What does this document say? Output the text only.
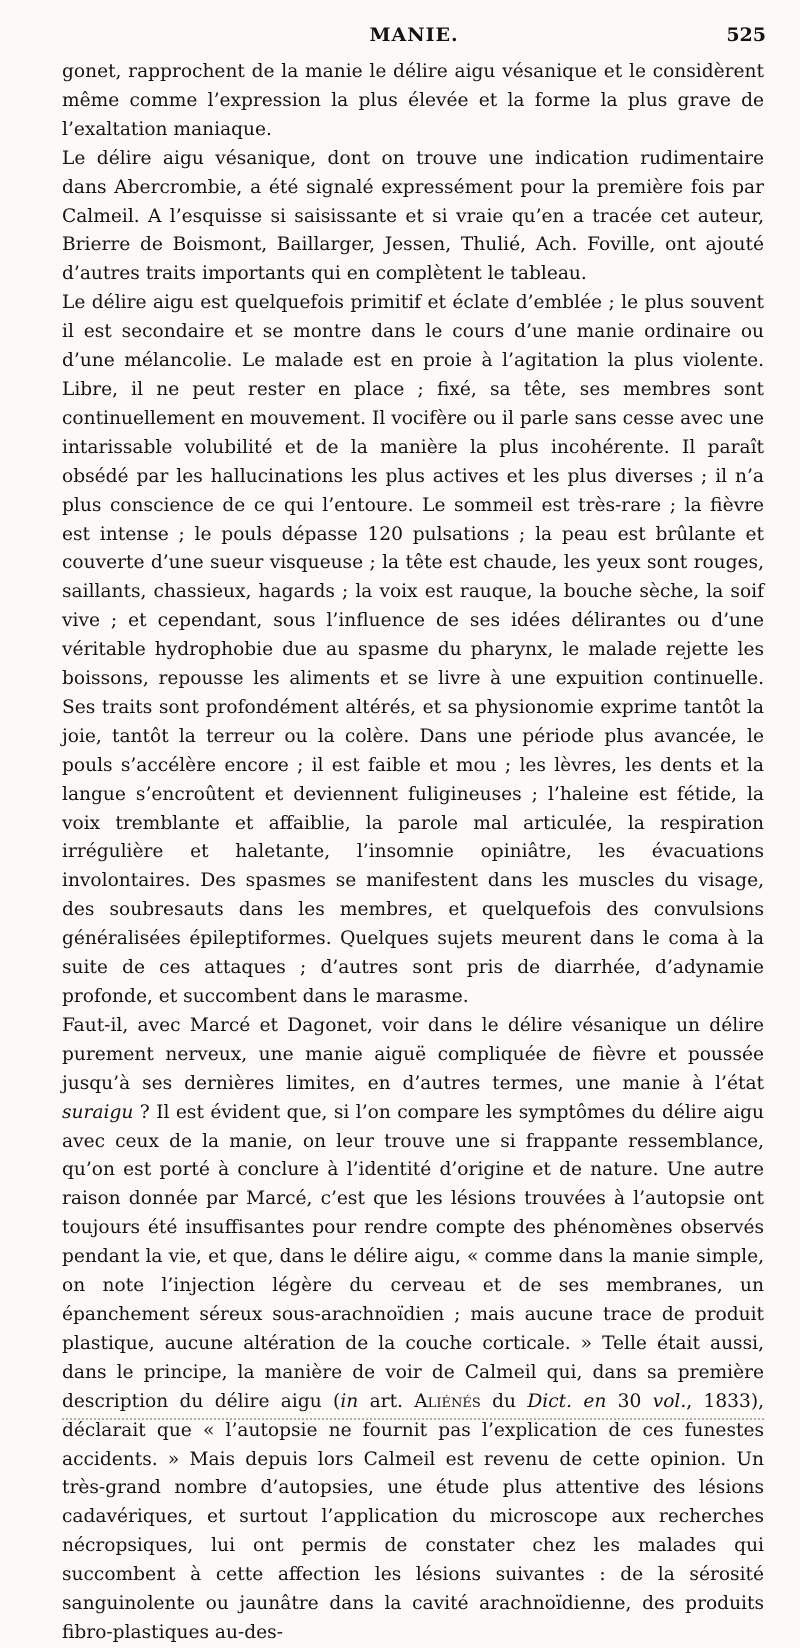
MANIE.	525

gonet, rapprochent de la manie le délire aigu vésanique et le considèrent même comme l’expression la plus élevée et la forme la plus grave de l’exaltation maniaque.

Le délire aigu vésanique, dont on trouve une indication rudimentaire dans Abercrombie, a été signalé expressément pour la première fois par Calmeil. A l’esquisse si saisissante et si vraie qu’en a tracée cet auteur, Brierre de Boismont, Baillarger, Jessen, Thulié, Ach. Foville, ont ajouté d’autres traits importants qui en complètent le tableau.

Le délire aigu est quelquefois primitif et éclate d’emblée ; le plus souvent il est secondaire et se montre dans le cours d’une manie ordinaire ou d’une mélancolie. Le malade est en proie à l’agitation la plus violente. Libre, il ne peut rester en place ; fixé, sa tête, ses membres sont continuellement en mouvement. Il vocifère ou il parle sans cesse avec une intarissable volubilité et de la manière la plus incohérente. Il paraît obsédé par les hallucinations les plus actives et les plus diverses ; il n’a plus conscience de ce qui l’entoure. Le sommeil est très-rare ; la fièvre est intense ; le pouls dépasse 120 pulsations ; la peau est brûlante et couverte d’une sueur visqueuse ; la tête est chaude, les yeux sont rouges, saillants, chassieux, hagards ; la voix est rauque, la bouche sèche, la soif vive ; et cependant, sous l’influence de ses idées délirantes ou d’une véritable hydrophobie due au spasme du pharynx, le malade rejette les boissons, repousse les aliments et se livre à une expuition continuelle. Ses traits sont profondément altérés, et sa physionomie exprime tantôt la joie, tantôt la terreur ou la colère. Dans une période plus avancée, le pouls s’accélère encore ; il est faible et mou ; les lèvres, les dents et la langue s’encroûtent et deviennent fuligineuses ; l’haleine est fétide, la voix tremblante et affaiblie, la parole mal articulée, la respiration irrégulière et haletante, l’insomnie opiniâtre, les évacuations involontaires. Des spasmes se manifestent dans les muscles du visage, des soubresauts dans les membres, et quelquefois des convulsions généralisées épileptiformes. Quelques sujets meurent dans le coma à la suite de ces attaques ; d’autres sont pris de diarrhée, d’adynamie profonde, et succombent dans le marasme.

Faut-il, avec Marcé et Dagonet, voir dans le délire vésanique un délire purement nerveux, une manie aiguë compliquée de fièvre et poussée jusqu’à ses dernières limites, en d’autres termes, une manie à l’état suraigu ? Il est évident que, si l’on compare les symptômes du délire aigu avec ceux de la manie, on leur trouve une si frappante ressemblance, qu’on est porté à conclure à l’identité d’origine et de nature. Une autre raison donnée par Marcé, c’est que les lésions trouvées à l’autopsie ont toujours été insuffisantes pour rendre compte des phénomènes observés pendant la vie, et que, dans le délire aigu, « comme dans la manie simple, on note l’injection légère du cerveau et de ses membranes, un épanchement séreux sous-arachnoïdien ; mais aucune trace de produit plastique, aucune altération de la couche corticale. » Telle était aussi, dans le principe, la manière de voir de Calmeil qui, dans sa première description du délire aigu (in art. Aliénés du Dict. en 30 vol., 1833), déclarait que « l’autopsie ne fournit pas l’explication de ces funestes accidents. » Mais depuis lors Calmeil est revenu de cette opinion. Un très-grand nombre d’autopsies, une étude plus attentive des lésions cadavériques, et surtout l’application du microscope aux recherches nécropsiques, lui ont permis de constater chez les malades qui succombent à cette affection les lésions suivantes : de la sérosité sanguinolente ou jaunâtre dans la cavité arachnoïdienne, des produits fibro-plastiques au-des-
